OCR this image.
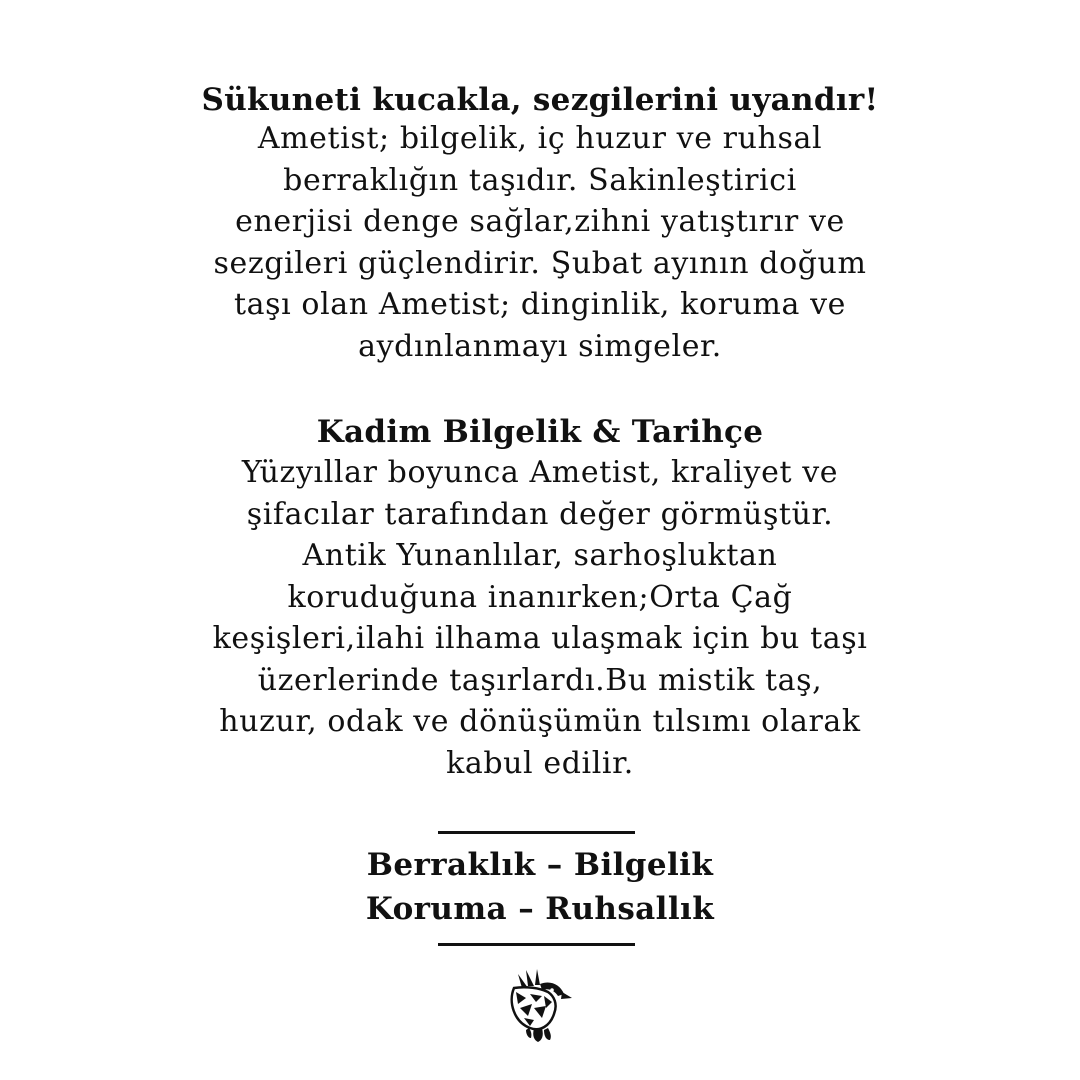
Sükuneti kucakla, sezgilerini uyandır!
Ametist; bilgelik, iç huzur ve ruhsal
berraklığın taşıdır. Sakinleştirici
enerjisi denge sağlar,zihni yatıştırır ve
sezgileri güçlendirir. Şubat ayının doğum
taşı olan Ametist; dinginlik, koruma ve
aydınlanmayı simgeler.
Kadim Bilgelik & Tarihçe
Yüzyıllar boyunca Ametist, kraliyet ve
şifacılar tarafından değer görmüştür.
Antik Yunanlılar, sarhoşluktan
koruduğuna inanırken;Orta Çağ
keşişleri,ilahi ilhama ulaşmak için bu taşı
üzerlerinde taşırlardı.Bu mistik taş,
huzur, odak ve dönüşümün tılsımı olarak
kabul edilir.
Berraklık – Bilgelik
Koruma – Ruhsallık
